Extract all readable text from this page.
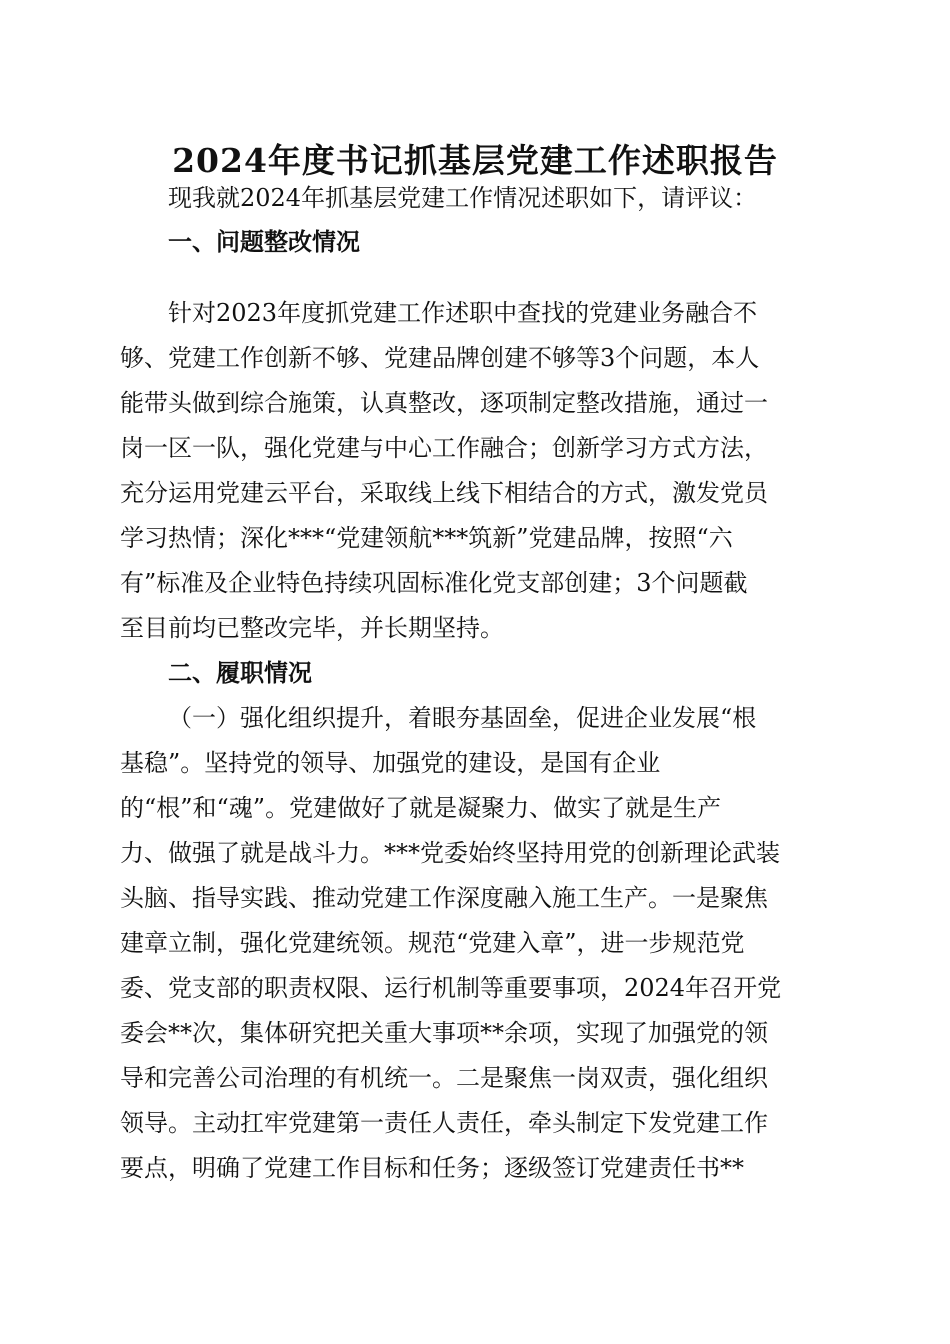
2024年度书记抓基层党建工作述职报告
现我就2024年抓基层党建工作情况述职如下，请评议：
一、问题整改情况
针对2023年度抓党建工作述职中查找的党建业务融合不
够、党建工作创新不够、党建品牌创建不够等3个问题，本人
能带头做到综合施策，认真整改，逐项制定整改措施，通过一
岗一区一队，强化党建与中心工作融合；创新学习方式方法，
充分运用党建云平台，采取线上线下相结合的方式，激发党员
学习热情；深化***“党建领航***筑新”党建品牌，按照“六
有”标准及企业特色持续巩固标准化党支部创建；3个问题截
至目前均已整改完毕，并长期坚持。
二、履职情况
（一）强化组织提升，着眼夯基固垒，促进企业发展“根
基稳”。坚持党的领导、加强党的建设，是国有企业
的“根”和“魂”。党建做好了就是凝聚力、做实了就是生产
力、做强了就是战斗力。***党委始终坚持用党的创新理论武装
头脑、指导实践、推动党建工作深度融入施工生产。一是聚焦
建章立制，强化党建统领。规范“党建入章”，进一步规范党
委、党支部的职责权限、运行机制等重要事项，2024年召开党
委会**次，集体研究把关重大事项**余项，实现了加强党的领
导和完善公司治理的有机统一。二是聚焦一岗双责，强化组织
领导。主动扛牢党建第一责任人责任，牵头制定下发党建工作
要点，明确了党建工作目标和任务；逐级签订党建责任书**
